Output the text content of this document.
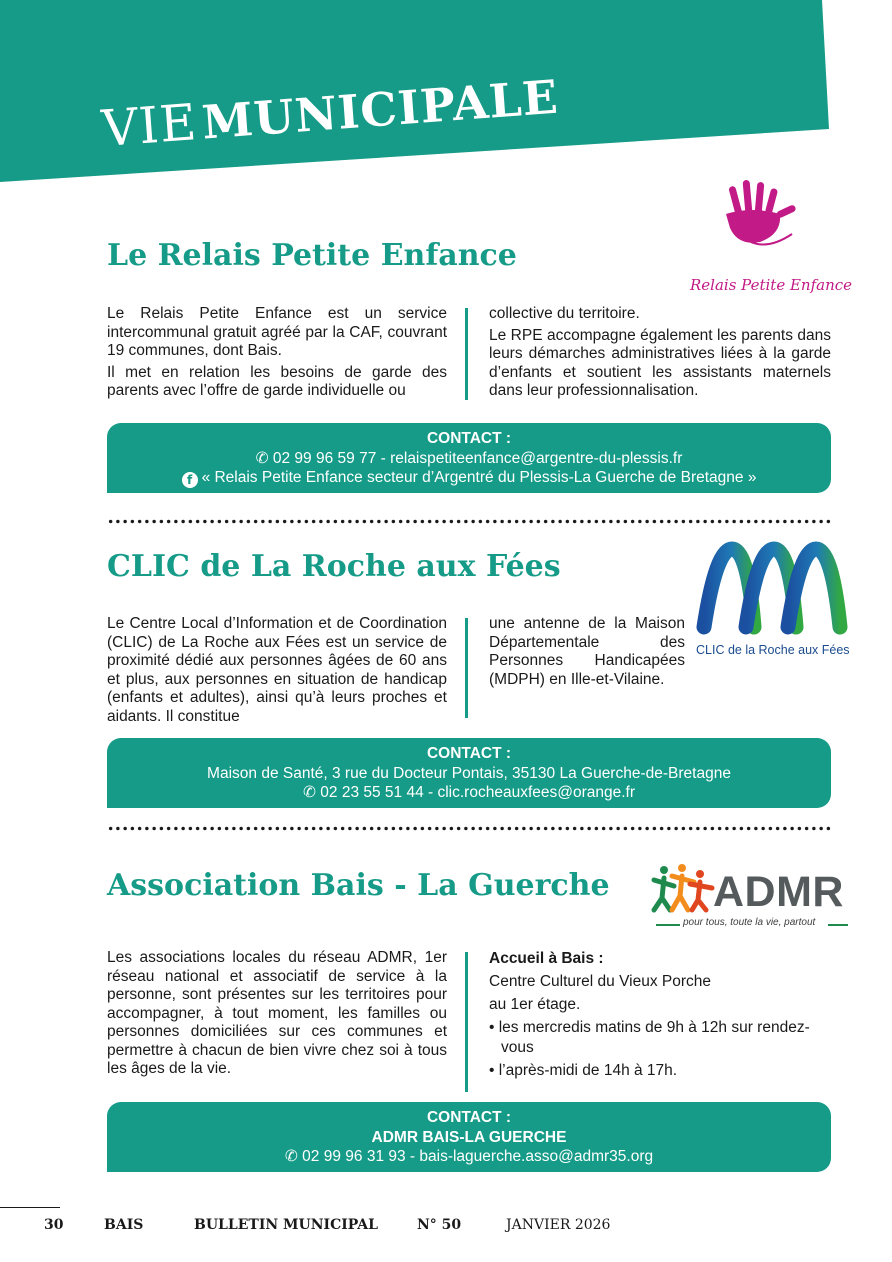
VIE MUNICIPALE
Le Relais Petite Enfance
Relais Petite Enfance

Le Relais Petite Enfance est un service intercommunal gratuit agréé par la CAF, couvrant 19 communes, dont Bais.

Il met en relation les besoins de garde des parents avec l’offre de garde individuelle ou

collective du territoire.

Le RPE accompagne également les parents dans leurs démarches administratives liées à la garde d’enfants et soutient les assistants maternels dans leur professionnalisation.

CONTACT :
✆ 02 99 96 59 77 - relaispetiteenfance@argentre-du-plessis.fr
f « Relais Petite Enfance secteur d’Argentré du Plessis-La Guerche de Bretagne »
CLIC de La Roche aux Fées
CLIC de la Roche aux Fées

Le Centre Local d’Information et de Coordination (CLIC) de La Roche aux Fées est un service de proximité dédié aux personnes âgées de 60 ans et plus, aux personnes en situation de handicap (enfants et adultes), ainsi qu’à leurs proches et aidants. Il constitue

une antenne de la Maison Départementale des Personnes Handicapées (MDPH) en Ille-et-Vilaine.

CONTACT :
Maison de Santé, 3 rue du Docteur Pontais, 35130 La Guerche-de-Bretagne
✆ 02 23 55 51 44 - clic.rocheauxfees@orange.fr
Association Bais - La Guerche ADMR
pour tous, toute la vie, partout

Les associations locales du réseau ADMR, 1er réseau national et associatif de service à la personne, sont présentes sur les territoires pour accompagner, à tout moment, les familles ou personnes domiciliées sur ces communes et permettre à chacun de bien vivre chez soi à tous les âges de la vie.

Accueil à Bais :

Centre Culturel du Vieux Porche

au 1er étage.

• les mercredis matins de 9h à 12h sur rendez-vous

• l’après-midi de 14h à 17h.

CONTACT :
ADMR BAIS-LA GUERCHE
✆ 02 99 96 31 93 - bais-laguerche.asso@admr35.org
30	BAIS	BULLETIN MUNICIPAL	N° 50	JANVIER 2026
